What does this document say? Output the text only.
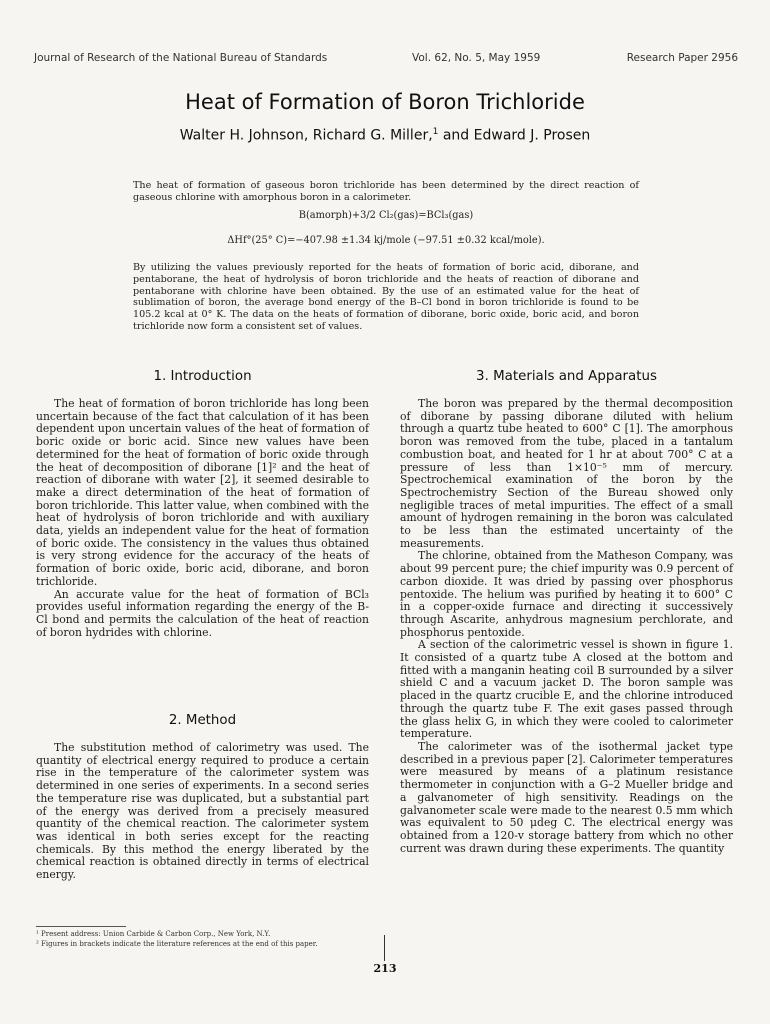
Journal of Research of the National Bureau of Standards	Vol. 62, No. 5, May 1959	Research Paper 2956
Heat of Formation of Boron Trichloride
Walter H. Johnson, Richard G. Miller,$^1$ and Edward J. Prosen
The heat of formation of gaseous boron trichloride has been determined by the direct reaction of gaseous chlorine with amorphous boron in a calorimeter.
B(amorph)+3/2 Cl₂(gas)=BCl₃(gas)
ΔHf°(25° C)=−407.98 ±1.34 kj/mole (−97.51 ±0.32 kcal/mole).
By utilizing the values previously reported for the heats of formation of boric acid, diborane, and pentaborane, the heat of hydrolysis of boron trichloride and the heats of reaction of diborane and pentaborane with chlorine have been obtained. By the use of an estimated value for the heat of sublimation of boron, the average bond energy of the B–Cl bond in boron trichloride is found to be 105.2 kcal at 0° K. The data on the heats of formation of diborane, boric oxide, boric acid, and boron trichloride now form a consistent set of values.
1. Introduction

The heat of formation of boron trichloride has long been uncertain because of the fact that calculation of it has been dependent upon uncertain values of the heat of formation of boric oxide or boric acid. Since new values have been determined for the heat of formation of boric oxide through the heat of decomposition of diborane [1]² and the heat of reaction of diborane with water [2], it seemed desirable to make a direct determination of the heat of formation of boron trichloride. This latter value, when combined with the heat of hydrolysis of boron trichloride and with auxiliary data, yields an independent value for the heat of formation of boric oxide. The consistency in the values thus obtained is very strong evidence for the accuracy of the heats of formation of boric oxide, boric acid, diborane, and boron trichloride.

An accurate value for the heat of formation of BCl₃ provides useful information regarding the energy of the B-Cl bond and permits the calculation of the heat of reaction of boron hydrides with chlorine.

2. Method

The substitution method of calorimetry was used. The quantity of electrical energy required to produce a certain rise in the temperature of the calorimeter system was determined in one series of experiments. In a second series the temperature rise was duplicated, but a substantial part of the energy was derived from a precisely measured quantity of the chemical reaction. The calorimeter system was identical in both series except for the reacting chemicals. By this method the energy liberated by the chemical reaction is obtained directly in terms of electrical energy.

¹ Present address: Union Carbide & Carbon Corp., New York, N.Y.
² Figures in brackets indicate the literature references at the end of this paper.
3. Materials and Apparatus

The boron was prepared by the thermal decomposition of diborane by passing diborane diluted with helium through a quartz tube heated to 600° C [1]. The amorphous boron was removed from the tube, placed in a tantalum combustion boat, and heated for 1 hr at about 700° C at a pressure of less than 1×10⁻⁵ mm of mercury. Spectrochemical examination of the boron by the Spectrochemistry Section of the Bureau showed only negligible traces of metal impurities. The effect of a small amount of hydrogen remaining in the boron was calculated to be less than the estimated uncertainty of the measurements.

The chlorine, obtained from the Matheson Company, was about 99 percent pure; the chief impurity was 0.9 percent of carbon dioxide. It was dried by passing over phosphorus pentoxide. The helium was purified by heating it to 600° C in a copper-oxide furnace and directing it successively through Ascarite, anhydrous magnesium perchlorate, and phosphorus pentoxide.

A section of the calorimetric vessel is shown in figure 1. It consisted of a quartz tube A closed at the bottom and fitted with a manganin heating coil B surrounded by a silver shield C and a vacuum jacket D. The boron sample was placed in the quartz crucible E, and the chlorine introduced through the quartz tube F. The exit gases passed through the glass helix G, in which they were cooled to calorimeter temperature.

The calorimeter was of the isothermal jacket type described in a previous paper [2]. Calorimeter temperatures were measured by means of a platinum resistance thermometer in conjunction with a G–2 Mueller bridge and a galvanometer of high sensitivity. Readings on the galvanometer scale were made to the nearest 0.5 mm which was equivalent to 50 μdeg C. The electrical energy was obtained from a 120-v storage battery from which no other current was drawn during these experiments. The quantity

213
